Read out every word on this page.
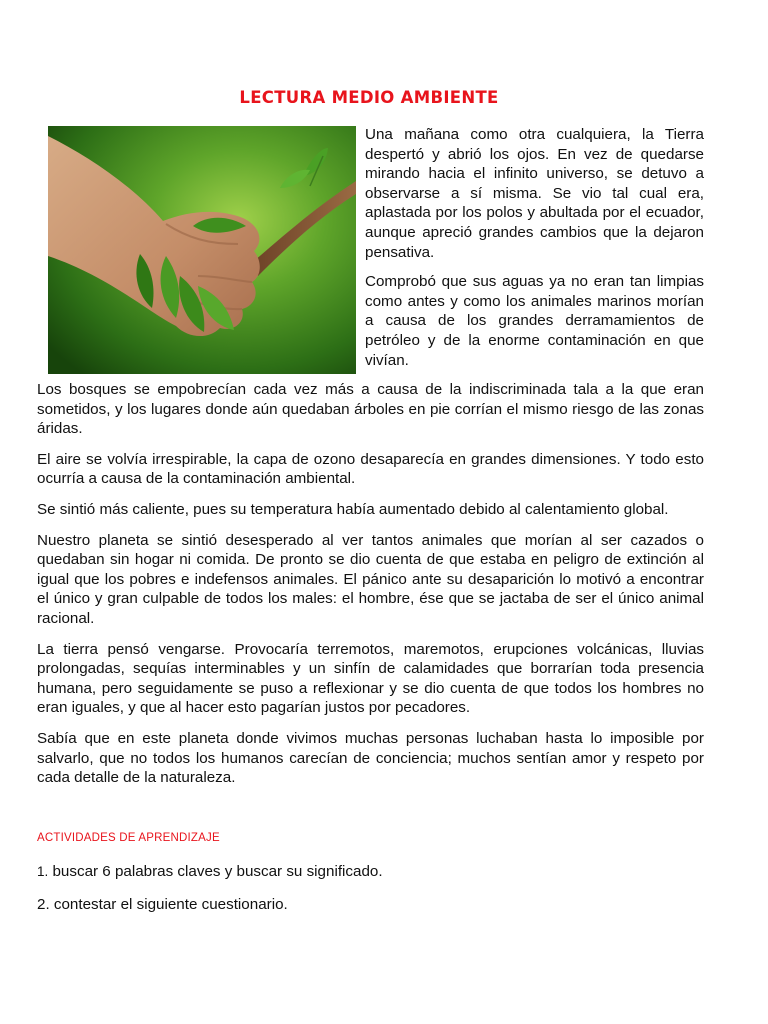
LECTURA MEDIO AMBIENTE

Una mañana como otra cualquiera, la Tierra despertó y abrió los ojos. En vez de quedarse mirando hacia el infinito universo, se detuvo a observarse a sí misma. Se vio tal cual era, aplastada por los polos y abultada por el ecuador, aunque apreció grandes cambios que la dejaron pensativa.

Comprobó que sus aguas ya no eran tan limpias como antes y como los animales marinos morían a causa de los grandes derramamientos de petróleo y de la enorme contaminación en que vivían.

Los bosques se empobrecían cada vez más a causa de la indiscriminada tala a la que eran sometidos, y los lugares donde aún quedaban árboles en pie corrían el mismo riesgo de las zonas áridas.

El aire se volvía irrespirable, la capa de ozono desaparecía en grandes dimensiones. Y todo esto ocurría a causa de la contaminación ambiental.

Se sintió más caliente, pues su temperatura había aumentado debido al calentamiento global.

Nuestro planeta se sintió desesperado al ver tantos animales que morían al ser cazados o quedaban sin hogar ni comida. De pronto se dio cuenta de que estaba en peligro de extinción al igual que los pobres e indefensos animales. El pánico ante su desaparición lo motivó a encontrar el único y gran culpable de todos los males: el hombre, ése que se jactaba de ser el único animal racional.

La tierra pensó vengarse. Provocaría terremotos, maremotos, erupciones volcánicas, lluvias prolongadas, sequías interminables y un sinfín de calamidades que borrarían toda presencia humana, pero seguidamente se puso a reflexionar y se dio cuenta de que todos los hombres no eran iguales, y que al hacer esto pagarían justos por pecadores.

Sabía que en este planeta donde vivimos muchas personas luchaban hasta lo imposible por salvarlo, que no todos los humanos carecían de conciencia; muchos sentían amor y respeto por cada detalle de la naturaleza.

ACTIVIDADES DE APRENDIZAJE

1. buscar 6 palabras claves y buscar su significado.

2. contestar el siguiente cuestionario.
